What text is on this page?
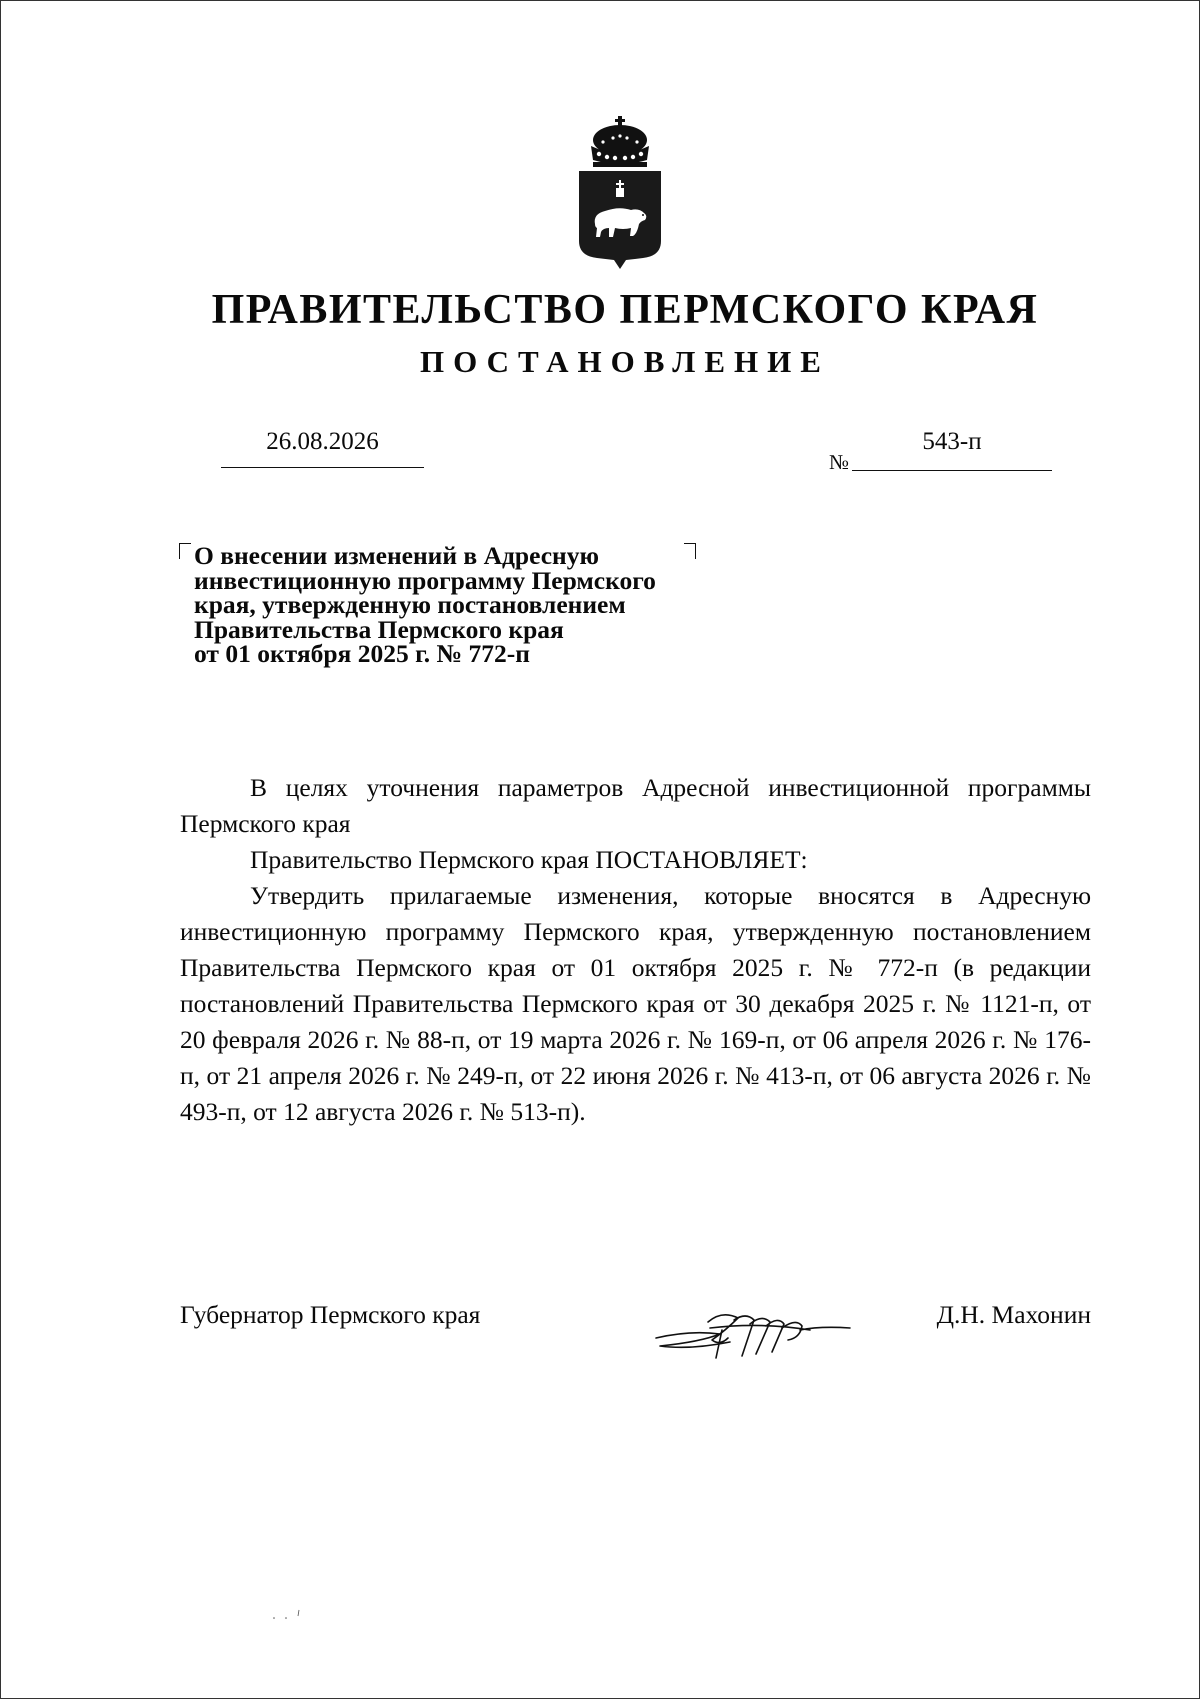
ПРАВИТЕЛЬСТВО ПЕРМСКОГО КРАЯ
ПОСТАНОВЛЕНИЕ
26.08.2026
№
543-п
О внесении изменений в Адресную
инвестиционную программу Пермского
края, утвержденную постановлением
Правительства Пермского края
от 01 октября 2025 г. № 772-п
В целях уточнения параметров Адресной инвестиционной программы Пермского края
Правительство Пермского края ПОСТАНОВЛЯЕТ:
Утвердить прилагаемые изменения, которые вносятся в Адресную инвестиционную программу Пермского края, утвержденную постановлением Правительства Пермского края от 01 октября 2025 г. № 772-п (в редакции постановлений Правительства Пермского края от 30 декабря 2025 г. № 1121-п, от 20 февраля 2026 г. № 88-п, от 19 марта 2026 г. № 169-п, от 06 апреля 2026 г. № 176-п, от 21 апреля 2026 г. № 249-п, от 22 июня 2026 г. № 413-п, от 06 августа 2026 г. № 493-п, от 12 августа 2026 г. № 513-п).
Губернатор Пермского края	Д.Н. Махонин
